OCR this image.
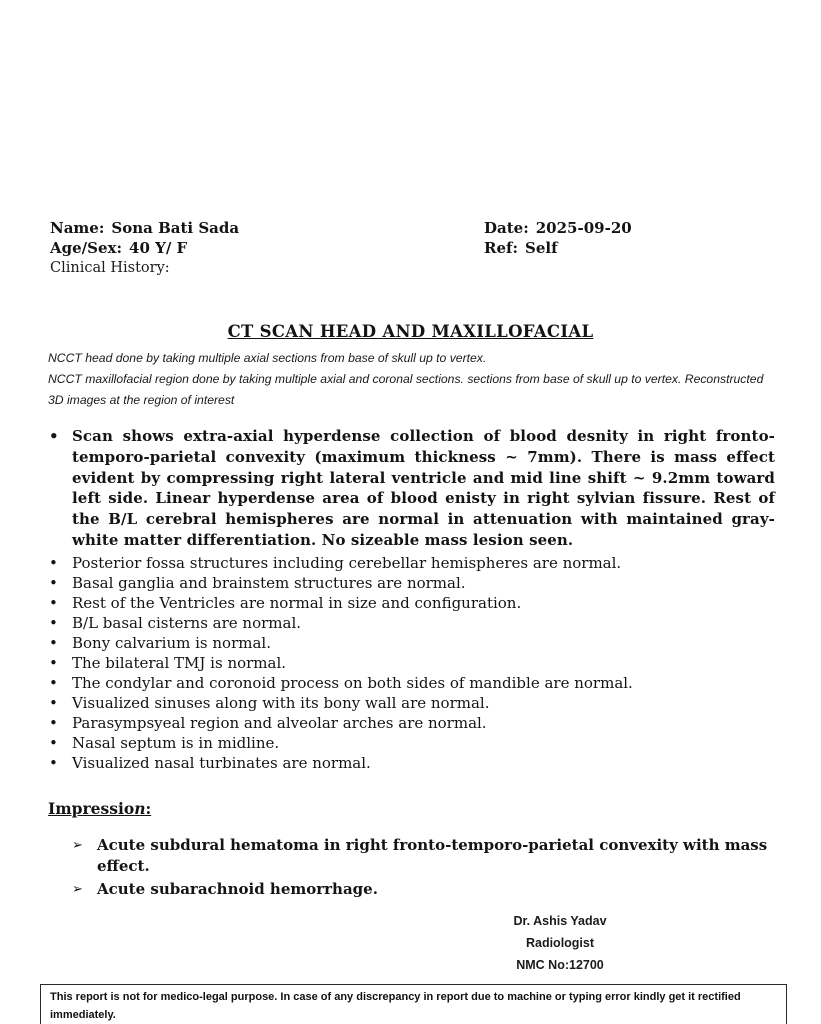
Name: Sona Bati Sada	Date: 2025-09-20
Age/Sex: 40 Y/ F	Ref: Self
Clinical History:
CT SCAN HEAD AND MAXILLOFACIAL
NCCT head done by taking multiple axial sections from base of skull up to vertex.
NCCT maxillofacial region done by taking multiple axial and coronal sections. sections from base of skull up to vertex. Reconstructed 3D images at the region of interest
• Scan shows extra-axial hyperdense collection of blood desnity in right fronto-temporo-parietal convexity (maximum thickness ~ 7mm). There is mass effect evident by compressing right lateral ventricle and mid line shift ~ 9.2mm toward left side. Linear hyperdense area of blood enisty in right sylvian fissure. Rest of the B/L cerebral hemispheres are normal in attenuation with maintained gray-white matter differentiation. No sizeable mass lesion seen.
• Posterior fossa structures including cerebellar hemispheres are normal.
• Basal ganglia and brainstem structures are normal.
• Rest of the Ventricles are normal in size and configuration.
• B/L basal cisterns are normal.
• Bony calvarium is normal.
• The bilateral TMJ is normal.
• The condylar and coronoid process on both sides of mandible are normal.
• Visualized sinuses along with its bony wall are normal.
• Parasympsyeal region and alveolar arches are normal.
• Nasal septum is in midline.
• Visualized nasal turbinates are normal.
Impression:
➢ Acute subdural hematoma in right fronto-temporo-parietal convexity with mass effect.
➢ Acute subarachnoid hemorrhage.
Dr. Ashis Yadav
Radiologist
NMC No:12700
This report is not for medico-legal purpose. In case of any discrepancy in report due to machine or typing error kindly get it rectified immediately.
